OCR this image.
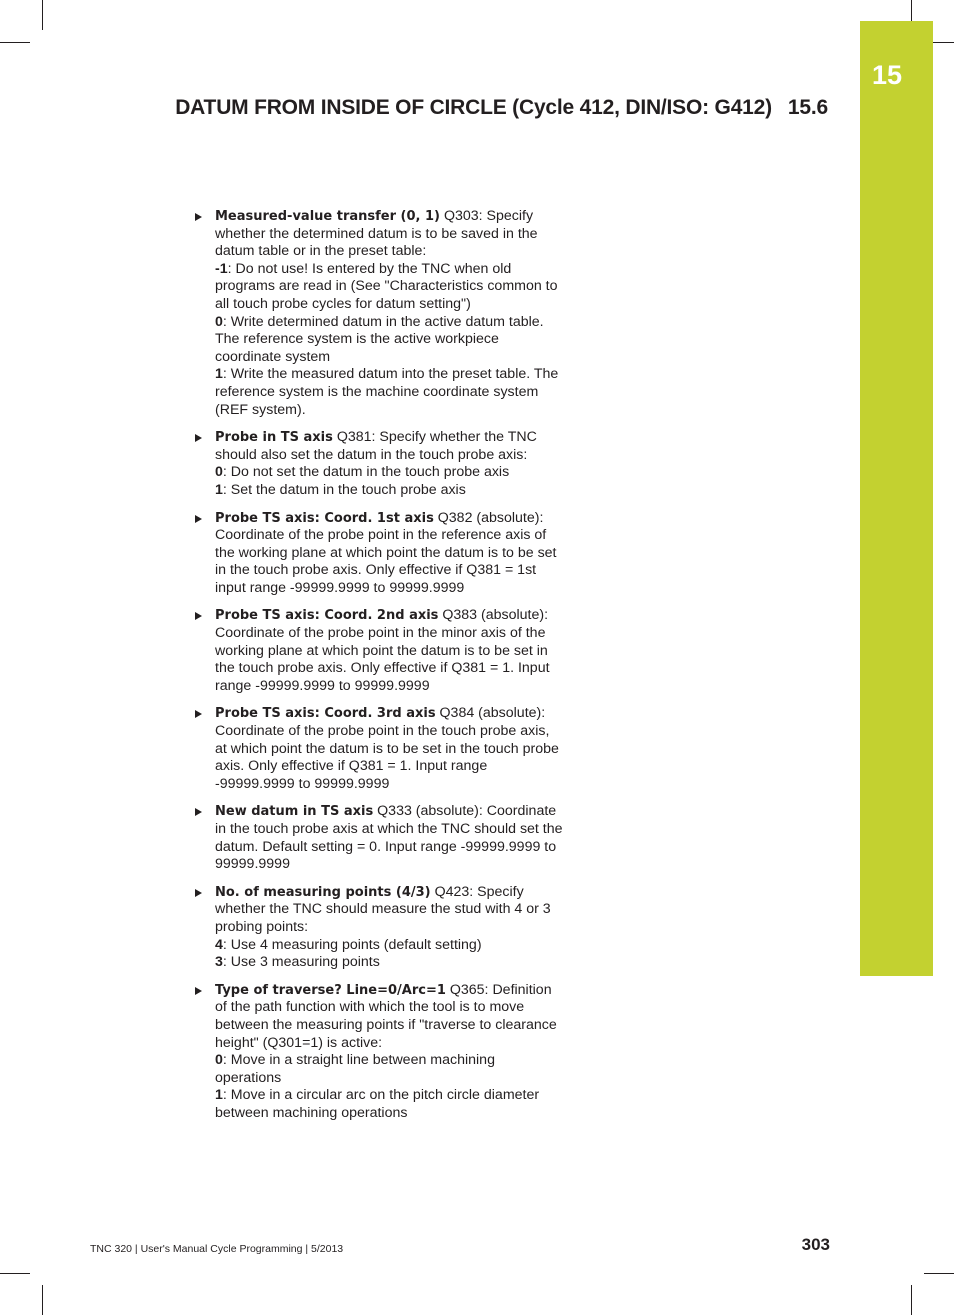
15
DATUM FROM INSIDE OF CIRCLE (Cycle 412, DIN/ISO: G412) 15.6
Measured-value transfer (0, 1) Q303: Specify whether the determined datum is to be saved in the datum table or in the preset table:
-1: Do not use! Is entered by the TNC when old programs are read in (See "Characteristics common to all touch probe cycles for datum setting")
0: Write determined datum in the active datum table. The reference system is the active workpiece coordinate system
1: Write the measured datum into the preset table. The reference system is the machine coordinate system (REF system).
Probe in TS axis Q381: Specify whether the TNC should also set the datum in the touch probe axis:
0: Do not set the datum in the touch probe axis
1: Set the datum in the touch probe axis
Probe TS axis: Coord. 1st axis Q382 (absolute): Coordinate of the probe point in the reference axis of the working plane at which point the datum is to be set in the touch probe axis. Only effective if Q381 = 1st input range -99999.9999 to 99999.9999
Probe TS axis: Coord. 2nd axis Q383 (absolute): Coordinate of the probe point in the minor axis of the working plane at which point the datum is to be set in the touch probe axis. Only effective if Q381 = 1. Input range -99999.9999 to 99999.9999
Probe TS axis: Coord. 3rd axis Q384 (absolute): Coordinate of the probe point in the touch probe axis, at which point the datum is to be set in the touch probe axis. Only effective if Q381 = 1. Input range -99999.9999 to 99999.9999
New datum in TS axis Q333 (absolute): Coordinate in the touch probe axis at which the TNC should set the datum. Default setting = 0. Input range -99999.9999 to 99999.9999
No. of measuring points (4/3) Q423: Specify whether the TNC should measure the stud with 4 or 3 probing points:
4: Use 4 measuring points (default setting)
3: Use 3 measuring points
Type of traverse? Line=0/Arc=1 Q365: Definition of the path function with which the tool is to move between the measuring points if "traverse to clearance height" (Q301=1) is active:
0: Move in a straight line between machining operations
1: Move in a circular arc on the pitch circle diameter between machining operations
TNC 320 | User's Manual Cycle Programming | 5/2013	303
